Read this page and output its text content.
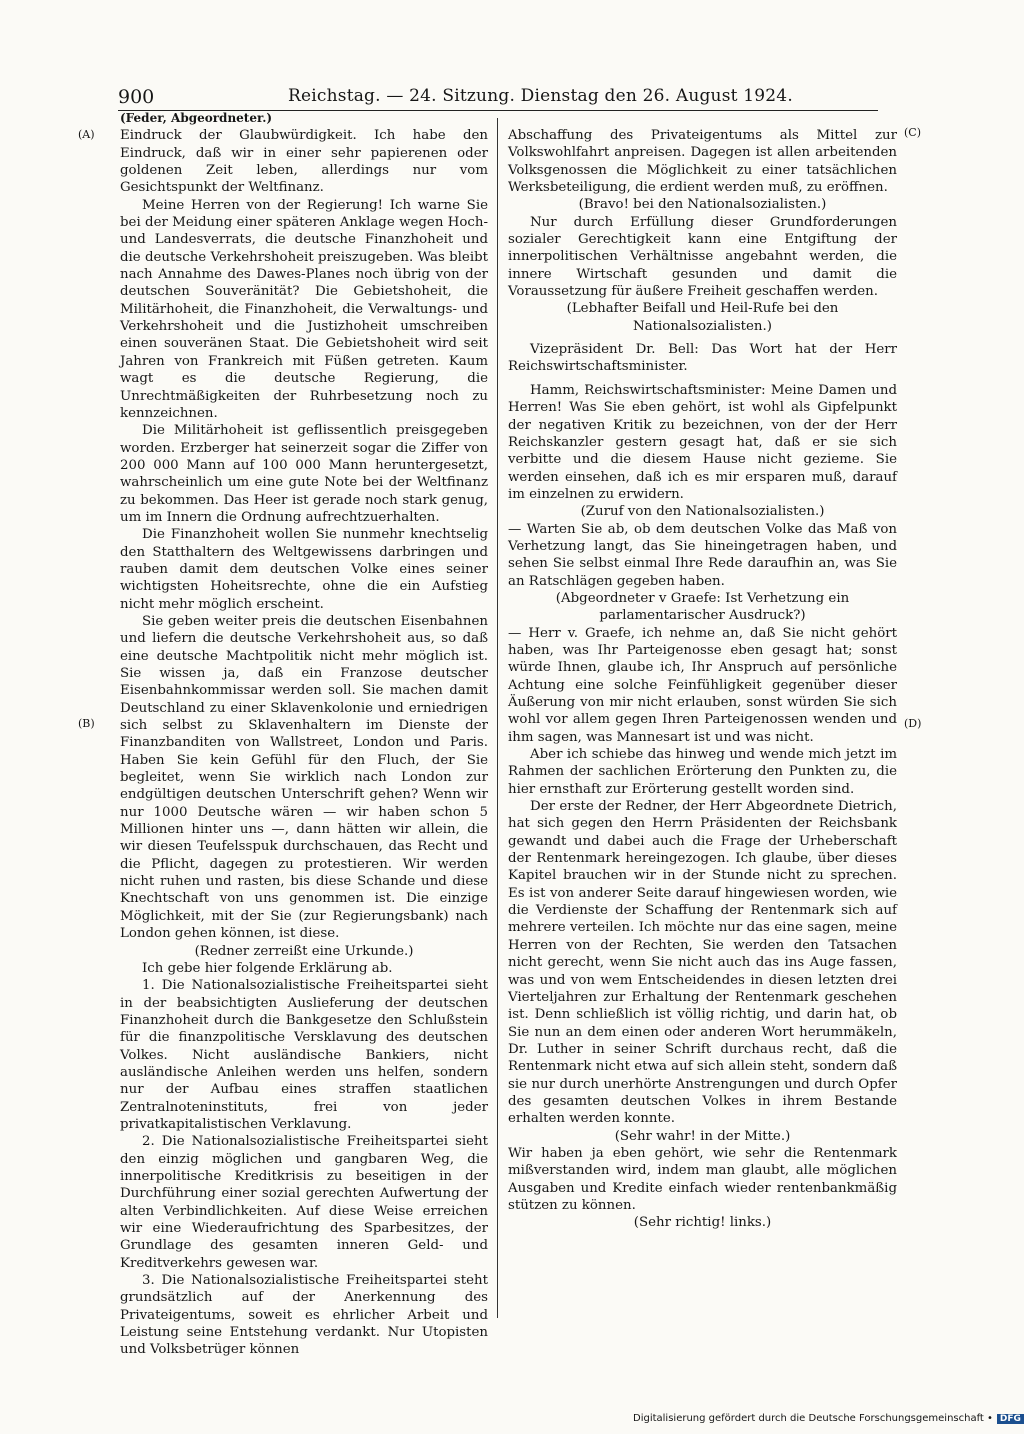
900	Reichstag. — 24. Sitzung. Dienstag den 26. August 1924.
(A)
(B)
(C)
(D)

(Feder, Abgeordneter.)

Eindruck der Glaubwürdigkeit. Ich habe den Eindruck, daß wir in einer sehr papierenen oder goldenen Zeit leben, allerdings nur vom Gesichtspunkt der Weltfinanz.

Meine Herren von der Regierung! Ich warne Sie bei der Meidung einer späteren Anklage wegen Hoch- und Landesverrats, die deutsche Finanzhoheit und die deutsche Verkehrshoheit preiszugeben. Was bleibt nach Annahme des Dawes-Planes noch übrig von der deutschen Souveränität? Die Gebietshoheit, die Militärhoheit, die Finanzhoheit, die Verwaltungs- und Verkehrshoheit und die Justizhoheit umschreiben einen souveränen Staat. Die Gebietshoheit wird seit Jahren von Frankreich mit Füßen getreten. Kaum wagt es die deutsche Regierung, die Unrechtmäßigkeiten der Ruhrbesetzung noch zu kennzeichnen.

Die Militärhoheit ist geflissentlich preisgegeben worden. Erzberger hat seinerzeit sogar die Ziffer von 200 000 Mann auf 100 000 Mann heruntergesetzt, wahrscheinlich um eine gute Note bei der Weltfinanz zu bekommen. Das Heer ist gerade noch stark genug, um im Innern die Ordnung aufrechtzuerhalten.

Die Finanzhoheit wollen Sie nunmehr knechtselig den Statthaltern des Weltgewissens darbringen und rauben damit dem deutschen Volke eines seiner wichtigsten Hoheitsrechte, ohne die ein Aufstieg nicht mehr möglich erscheint.

Sie geben weiter preis die deutschen Eisenbahnen und liefern die deutsche Verkehrshoheit aus, so daß eine deutsche Machtpolitik nicht mehr möglich ist. Sie wissen ja, daß ein Franzose deutscher Eisenbahnkommissar werden soll. Sie machen damit Deutschland zu einer Sklavenkolonie und erniedrigen sich selbst zu Sklavenhaltern im Dienste der Finanzbanditen von Wallstreet, London und Paris. Haben Sie kein Gefühl für den Fluch, der Sie begleitet, wenn Sie wirklich nach London zur endgültigen deutschen Unterschrift gehen? Wenn wir nur 1000 Deutsche wären — wir haben schon 5 Millionen hinter uns —, dann hätten wir allein, die wir diesen Teufelsspuk durchschauen, das Recht und die Pflicht, dagegen zu protestieren. Wir werden nicht ruhen und rasten, bis diese Schande und diese Knechtschaft von uns genommen ist. Die einzige Möglichkeit, mit der Sie (zur Regierungsbank) nach London gehen können, ist diese.

(Redner zerreißt eine Urkunde.)

Ich gebe hier folgende Erklärung ab.

1. Die Nationalsozialistische Freiheitspartei sieht in der beabsichtigten Auslieferung der deutschen Finanzhoheit durch die Bankgesetze den Schlußstein für die finanzpolitische Versklavung des deutschen Volkes. Nicht ausländische Bankiers, nicht ausländische Anleihen werden uns helfen, sondern nur der Aufbau eines straffen staatlichen Zentralnoteninstituts, frei von jeder privatkapitalistischen Verklavung.

2. Die Nationalsozialistische Freiheitspartei sieht den einzig möglichen und gangbaren Weg, die innerpolitische Kreditkrisis zu beseitigen in der Durchführung einer sozial gerechten Aufwertung der alten Verbindlichkeiten. Auf diese Weise erreichen wir eine Wiederaufrichtung des Sparbesitzes, der Grundlage des gesamten inneren Geld- und Kreditverkehrs gewesen war.

3. Die Nationalsozialistische Freiheitspartei steht grundsätzlich auf der Anerkennung des Privateigentums, soweit es ehrlicher Arbeit und Leistung seine Entstehung verdankt. Nur Utopisten und Volksbetrüger können

Abschaffung des Privateigentums als Mittel zur Volkswohlfahrt anpreisen. Dagegen ist allen arbeitenden Volksgenossen die Möglichkeit zu einer tatsächlichen Werksbeteiligung, die erdient werden muß, zu eröffnen.

(Bravo! bei den Nationalsozialisten.)

Nur durch Erfüllung dieser Grundforderungen sozialer Gerechtigkeit kann eine Entgiftung der innerpolitischen Verhältnisse angebahnt werden, die innere Wirtschaft gesunden und damit die Voraussetzung für äußere Freiheit geschaffen werden.

(Lebhafter Beifall und Heil-Rufe bei den Nationalsozialisten.)

Vizepräsident Dr. Bell: Das Wort hat der Herr Reichswirtschaftsminister.

Hamm, Reichswirtschaftsminister: Meine Damen und Herren! Was Sie eben gehört, ist wohl als Gipfelpunkt der negativen Kritik zu bezeichnen, von der der Herr Reichskanzler gestern gesagt hat, daß er sie sich verbitte und die diesem Hause nicht gezieme. Sie werden einsehen, daß ich es mir ersparen muß, darauf im einzelnen zu erwidern.

(Zuruf von den Nationalsozialisten.)

— Warten Sie ab, ob dem deutschen Volke das Maß von Verhetzung langt, das Sie hineingetragen haben, und sehen Sie selbst einmal Ihre Rede daraufhin an, was Sie an Ratschlägen gegeben haben.

(Abgeordneter v Graefe: Ist Verhetzung ein parlamentarischer Ausdruck?)

— Herr v. Graefe, ich nehme an, daß Sie nicht gehört haben, was Ihr Parteigenosse eben gesagt hat; sonst würde Ihnen, glaube ich, Ihr Anspruch auf persönliche Achtung eine solche Feinfühligkeit gegenüber dieser Äußerung von mir nicht erlauben, sonst würden Sie sich wohl vor allem gegen Ihren Parteigenossen wenden und ihm sagen, was Mannesart ist und was nicht.

Aber ich schiebe das hinweg und wende mich jetzt im Rahmen der sachlichen Erörterung den Punkten zu, die hier ernsthaft zur Erörterung gestellt worden sind.

Der erste der Redner, der Herr Abgeordnete Dietrich, hat sich gegen den Herrn Präsidenten der Reichsbank gewandt und dabei auch die Frage der Urheberschaft der Rentenmark hereingezogen. Ich glaube, über dieses Kapitel brauchen wir in der Stunde nicht zu sprechen. Es ist von anderer Seite darauf hingewiesen worden, wie die Verdienste der Schaffung der Rentenmark sich auf mehrere verteilen. Ich möchte nur das eine sagen, meine Herren von der Rechten, Sie werden den Tatsachen nicht gerecht, wenn Sie nicht auch das ins Auge fassen, was und von wem Entscheidendes in diesen letzten drei Vierteljahren zur Erhaltung der Rentenmark geschehen ist. Denn schließlich ist völlig richtig, und darin hat, ob Sie nun an dem einen oder anderen Wort herummäkeln, Dr. Luther in seiner Schrift durchaus recht, daß die Rentenmark nicht etwa auf sich allein steht, sondern daß sie nur durch unerhörte Anstrengungen und durch Opfer des gesamten deutschen Volkes in ihrem Bestande erhalten werden konnte.

(Sehr wahr! in der Mitte.)

Wir haben ja eben gehört, wie sehr die Rentenmark mißverstanden wird, indem man glaubt, alle möglichen Ausgaben und Kredite einfach wieder rentenbankmäßig stützen zu können.

(Sehr richtig! links.)

Digitalisierung gefördert durch die Deutsche Forschungsgemeinschaft • DFG
